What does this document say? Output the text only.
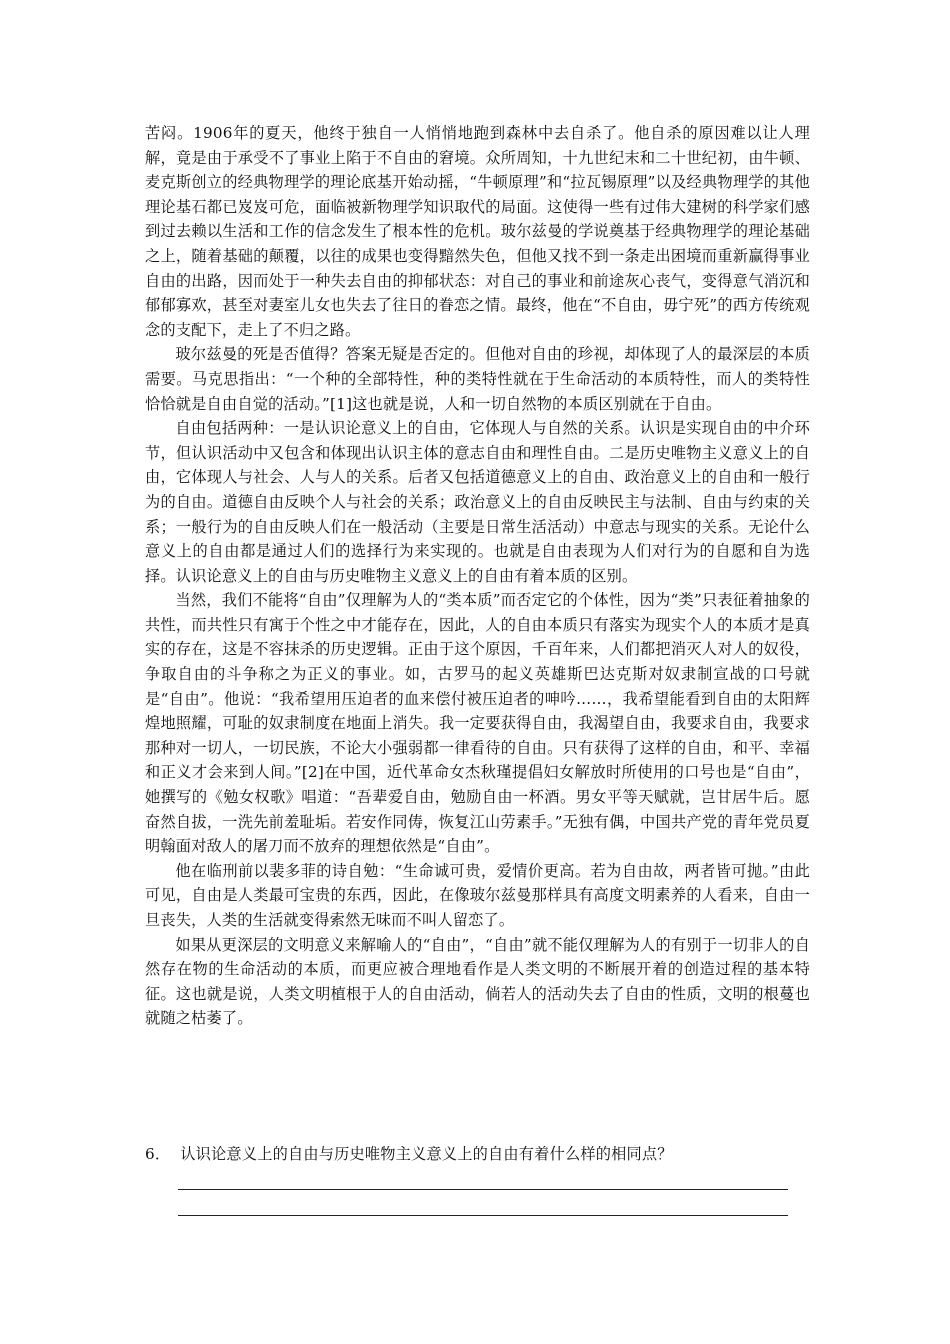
苦闷。1906年的夏天，他终于独自一人悄悄地跑到森林中去自杀了。他自杀的原因难以让人理解，竟是由于承受不了事业上陷于不自由的窘境。众所周知，十九世纪末和二十世纪初，由牛顿、麦克斯创立的经典物理学的理论底基开始动摇，“牛顿原理”和“拉瓦锡原理”以及经典物理学的其他理论基石都已岌岌可危，面临被新物理学知识取代的局面。这使得一些有过伟大建树的科学家们感到过去赖以生活和工作的信念发生了根本性的危机。玻尔兹曼的学说奠基于经典物理学的理论基础之上，随着基础的颠覆，以往的成果也变得黯然失色，但他又找不到一条走出困境而重新赢得事业自由的出路，因而处于一种失去自由的抑郁状态：对自己的事业和前途灰心丧气，变得意气消沉和郁郁寡欢，甚至对妻室儿女也失去了往日的眷恋之情。最终，他在“不自由，毋宁死”的西方传统观念的支配下，走上了不归之路。

玻尔兹曼的死是否值得？答案无疑是否定的。但他对自由的珍视，却体现了人的最深层的本质需要。马克思指出：“一个种的全部特性，种的类特性就在于生命活动的本质特性，而人的类特性恰恰就是自由自觉的活动。”[1]这也就是说，人和一切自然物的本质区别就在于自由。

自由包括两种：一是认识论意义上的自由，它体现人与自然的关系。认识是实现自由的中介环节，但认识活动中又包含和体现出认识主体的意志自由和理性自由。二是历史唯物主义意义上的自由，它体现人与社会、人与人的关系。后者又包括道德意义上的自由、政治意义上的自由和一般行为的自由。道德自由反映个人与社会的关系；政治意义上的自由反映民主与法制、自由与约束的关系；一般行为的自由反映人们在一般活动（主要是日常生活活动）中意志与现实的关系。无论什么意义上的自由都是通过人们的选择行为来实现的。也就是自由表现为人们对行为的自愿和自为选择。认识论意义上的自由与历史唯物主义意义上的自由有着本质的区别。

当然，我们不能将“自由”仅理解为人的“类本质”而否定它的个体性，因为“类”只表征着抽象的共性，而共性只有寓于个性之中才能存在，因此，人的自由本质只有落实为现实个人的本质才是真实的存在，这是不容抹杀的历史逻辑。正由于这个原因，千百年来，人们都把消灭人对人的奴役，争取自由的斗争称之为正义的事业。如，古罗马的起义英雄斯巴达克斯对奴隶制宣战的口号就是“自由”。他说：“我希望用压迫者的血来偿付被压迫者的呻吟……，我希望能看到自由的太阳辉煌地照耀，可耻的奴隶制度在地面上消失。我一定要获得自由，我渴望自由，我要求自由，我要求那种对一切人，一切民族，不论大小强弱都一律看待的自由。只有获得了这样的自由，和平、幸福和正义才会来到人间。”[2]在中国，近代革命女杰秋瑾提倡妇女解放时所使用的口号也是“自由”，她撰写的《勉女权歌》唱道：“吾辈爱自由，勉励自由一杯酒。男女平等天赋就，岂甘居牛后。愿奋然自拔，一洗先前羞耻垢。若安作同俦，恢复江山劳素手。”无独有偶，中国共产党的青年党员夏明翰面对敌人的屠刀而不放弃的理想依然是“自由”。

他在临刑前以裴多菲的诗自勉：“生命诚可贵，爱情价更高。若为自由故，两者皆可抛。”由此可见，自由是人类最可宝贵的东西，因此，在像玻尔兹曼那样具有高度文明素养的人看来，自由一旦丧失，人类的生活就变得索然无味而不叫人留恋了。

如果从更深层的文明意义来解喻人的“自由”，“自由”就不能仅理解为人的有别于一切非人的自然存在物的生命活动的本质，而更应被合理地看作是人类文明的不断展开着的创造过程的基本特征。这也就是说，人类文明植根于人的自由活动，倘若人的活动失去了自由的性质，文明的根蔓也就随之枯萎了。

6． 认识论意义上的自由与历史唯物主义意义上的自由有着什么样的相同点？
